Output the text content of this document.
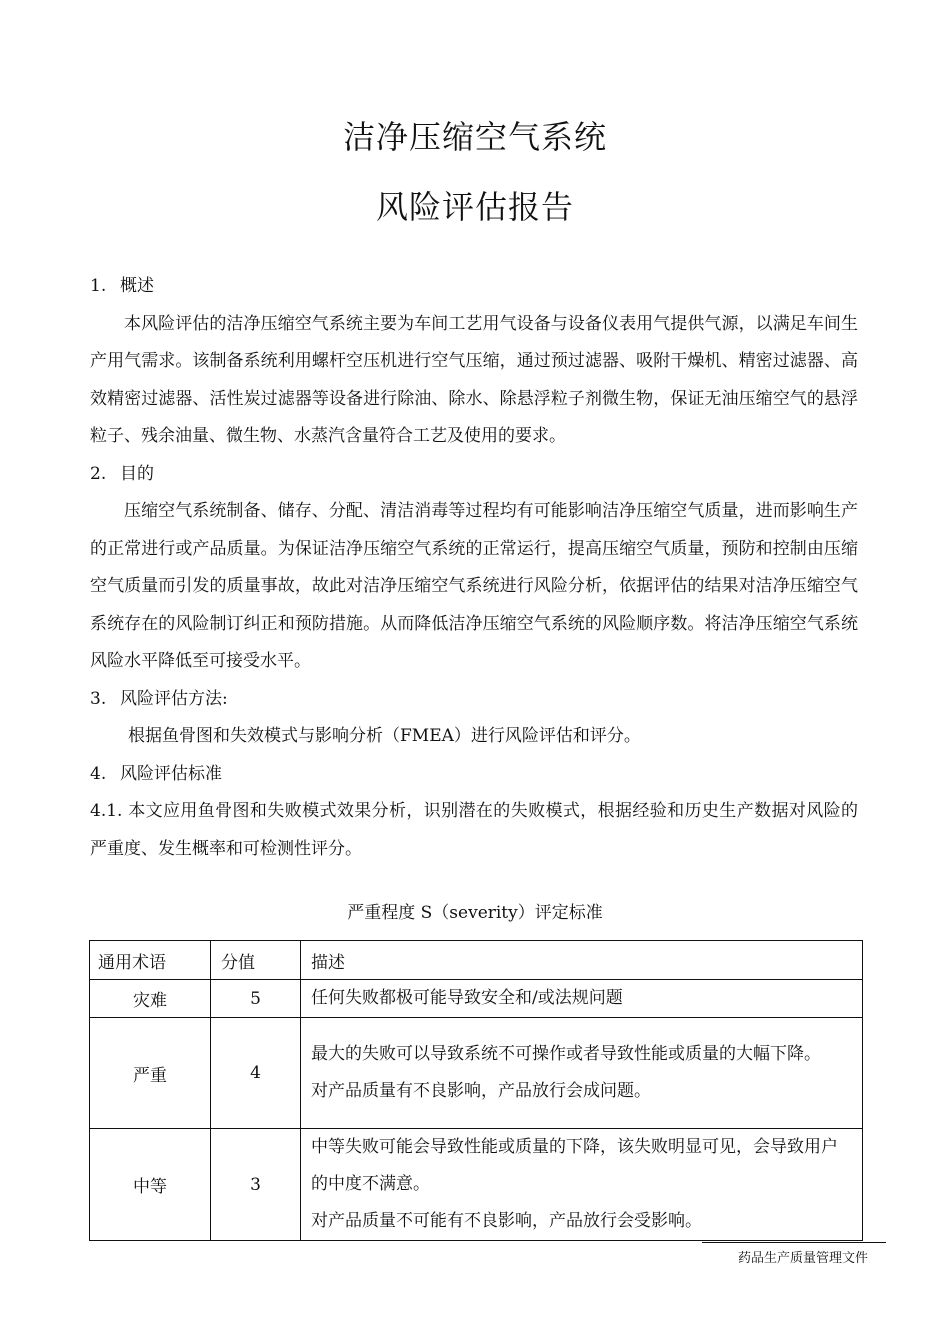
洁净压缩空气系统
风险评估报告

1. 概述

本风险评估的洁净压缩空气系统主要为车间工艺用气设备与设备仪表用气提供气源，以满足车间生产用气需求。该制备系统利用螺杆空压机进行空气压缩，通过预过滤器、吸附干燥机、精密过滤器、高效精密过滤器、活性炭过滤器等设备进行除油、除水、除悬浮粒子剂微生物，保证无油压缩空气的悬浮粒子、残余油量、微生物、水蒸汽含量符合工艺及使用的要求。

2. 目的

压缩空气系统制备、储存、分配、清洁消毒等过程均有可能影响洁净压缩空气质量，进而影响生产的正常进行或产品质量。为保证洁净压缩空气系统的正常运行，提高压缩空气质量，预防和控制由压缩空气质量而引发的质量事故，故此对洁净压缩空气系统进行风险分析，依据评估的结果对洁净压缩空气系统存在的风险制订纠正和预防措施。从而降低洁净压缩空气系统的风险顺序数。将洁净压缩空气系统风险水平降低至可接受水平。

3. 风险评估方法:

根据鱼骨图和失效模式与影响分析（FMEA）进行风险评估和评分。

4. 风险评估标准

4.1. 本文应用鱼骨图和失败模式效果分析，识别潜在的失败模式，根据经验和历史生产数据对风险的严重度、发生概率和可检测性评分。

严重程度 S（severity）评定标准
通用术语	分值	描述
灾难	5	任何失败都极可能导致安全和/或法规问题

严重	4	最大的失败可以导致系统不可操作或者导致性能或质量的大幅下降。
对产品质量有不良影响，产品放行会成问题。

中等	3	中等失败可能会导致性能或质量的下降，该失败明显可见，会导致用户的中度不满意。
对产品质量不可能有不良影响，产品放行会受影响。
药品生产质量管理文件
